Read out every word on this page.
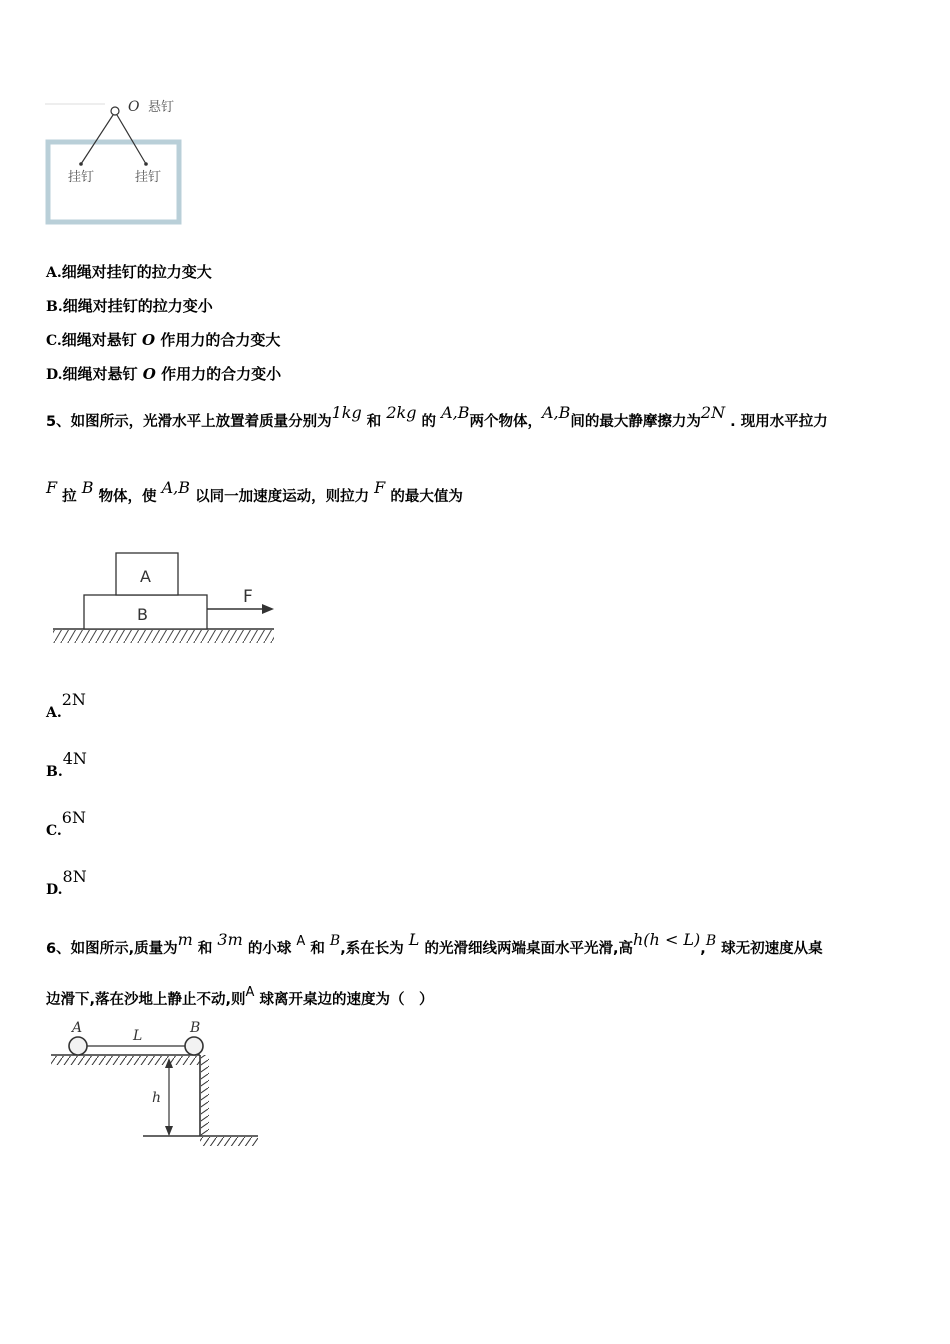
O 悬钉
挂钉	挂钉
A.细绳对挂钉的拉力变大
B.细绳对挂钉的拉力变小
C.细绳对悬钉 O 作用力的合力变大
D.细绳对悬钉 O 作用力的合力变小
5、如图所示，光滑水平上放置着质量分别为1kg 和 2kg 的 A,B两个物体，A,B间的最大静摩擦力为2N . 现用水平拉力
F 拉 B 物体，使 A,B 以同一加速度运动，则拉力 F 的最大值为
A
B
F
A.2N
B.4N
C.6N
D.8N
6、如图所示,质量为m 和 3m 的小球 A 和 B,系在长为 L 的光滑细线两端桌面水平光滑,高h(h < L),B 球无初速度从桌
边滑下,落在沙地上静止不动,则A 球离开桌边的速度为（　）
A	B
L
h
